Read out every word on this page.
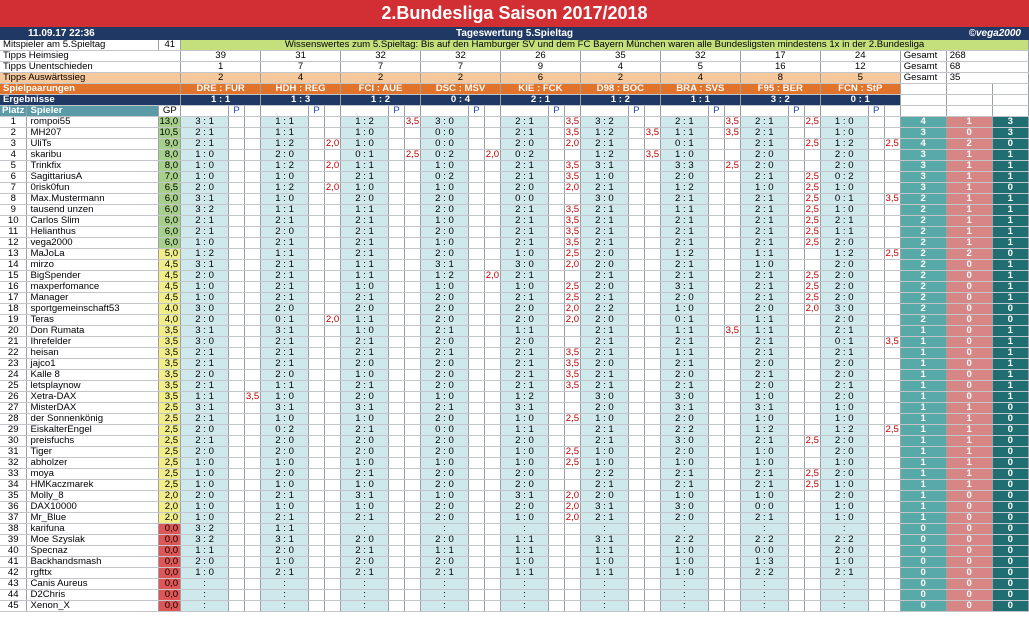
2.Bundesliga Saison 2017/2018
11.09.17 22:36	Tageswertung 5.Spieltag	©vega2000
Mitspieler am 5.Spieltag		41	Wissenswertes zum 5.Spieltag: Bis auf den Hamburger SV und dem FC Bayern München waren alle Bundesligsten mindestens 1x in der 2.Bundesliga																													
Tipps Heimsieg			39			31			32			32			26			35			32			17			24			Gesamt	268	
Tipps Unentschieden			1			7			7			7			9			4			5			16			12			Gesamt	68	
Tipps Auswärtssieg			2			4			2			2			6			2			4			8			5			Gesamt	35	
Spielpaarungen			DRE : FÜR			HDH : REG			FCI : AUE			DSC : MSV			KIE : FCK			D98 : BOC			BRA : SVS			F95 : BER			FCN : StP			Tendenz	Tordifferenz	Ergebnis
Ergebnisse			1 : 1			1 : 3			1 : 2			0 : 4			2 : 1			1 : 2			1 : 1			3 : 2			0 : 1			TE	TO	TR
Platz	Spieler	GP		P			P			P			P			P			P			P			P			P		2.0	+0.5	+1.5
1	rompoi55	13,0	3 : 1			1 : 1			1 : 2		3,5	3 : 0			2 : 1		3,5	3 : 2			2 : 1		3,5	2 : 1		2,5	1 : 0			4	1	3
2	MH207	10,5	2 : 1			1 : 1			1 : 0			0 : 0			2 : 1		3,5	1 : 2		3,5	1 : 1		3,5	2 : 1			1 : 0			3	0	3
3	UliTs	9,0	2 : 1			1 : 2		2,0	1 : 0			0 : 0			2 : 0		2,0	2 : 1			0 : 1			2 : 1		2,5	1 : 2		2,5	4	2	0
4	skaribu	8,0	1 : 0			2 : 0			0 : 1		2,5	0 : 2		2,0	0 : 2			1 : 2		3,5	1 : 0			2 : 0			2 : 0			3	1	1
5	Trinkfix	8,0	1 : 0			1 : 2		2,0	1 : 1			1 : 0			2 : 1		3,5	3 : 1			3 : 3		2,5	2 : 0			2 : 0			3	1	1
6	SagittariusA	7,0	1 : 0			1 : 0			2 : 1			0 : 2			2 : 1		3,5	1 : 0			2 : 0			2 : 1		2,5	0 : 2			3	1	1
7	0risk0fun	6,5	2 : 0			1 : 2		2,0	1 : 0			1 : 0			2 : 0		2,0	2 : 1			1 : 2			1 : 0		2,5	1 : 0			3	1	0
8	Max.Mustermann	6,0	3 : 1			1 : 0			2 : 0			2 : 0			0 : 0			3 : 0			2 : 1			2 : 1		2,5	0 : 1		3,5	2	1	1
9	tausend unzen	6,0	3 : 2			1 : 1			1 : 1			2 : 0			2 : 1		3,5	2 : 1			1 : 1			2 : 1		2,5	1 : 0			2	1	1
10	Carlos Slim	6,0	2 : 1			2 : 1			2 : 1			1 : 0			2 : 1		3,5	2 : 1			2 : 1			2 : 1		2,5	2 : 1			2	1	1
11	Helianthus	6,0	2 : 1			2 : 0			2 : 1			2 : 0			2 : 1		3,5	2 : 1			2 : 1			2 : 1		2,5	1 : 1			2	1	1
12	vega2000	6,0	1 : 0			2 : 1			2 : 1			1 : 0			2 : 1		3,5	2 : 1			2 : 1			2 : 1		2,5	2 : 0			2	1	1
13	MaJoLa	5,0	1 : 2			1 : 1			2 : 1			2 : 0			1 : 0		2,5	2 : 0			1 : 2			1 : 1			1 : 2		2,5	2	2	0
14	mirzo	4,5	3 : 1			2 : 1			1 : 1			3 : 1			3 : 0		2,0	2 : 0			2 : 1			1 : 0			2 : 0			2	0	1
15	BigSpender	4,5	2 : 0			2 : 1			1 : 1			1 : 2		2,0	2 : 1			2 : 1			2 : 1			2 : 1		2,5	2 : 0			2	0	1
16	maxperfomance	4,5	1 : 0			2 : 1			1 : 0			1 : 0			1 : 0		2,5	2 : 0			3 : 1			2 : 1		2,5	2 : 0			2	0	1
17	Manager	4,5	1 : 0			2 : 1			2 : 1			2 : 0			2 : 1		2,5	2 : 1			2 : 0			2 : 1		2,5	2 : 0			2	0	1
18	sportgemeinschaft53	4,0	3 : 0			2 : 0			2 : 0			2 : 0			2 : 0		2,0	2 : 2			1 : 0			2 : 0		2,0	3 : 0			2	0	0
19	Teras	4,0	2 : 0			0 : 1		2,0	1 : 1			2 : 0			2 : 0		2,0	2 : 0			0 : 1			1 : 1			2 : 0			2	0	0
20	Don Rumata	3,5	3 : 1			3 : 1			1 : 0			2 : 1			1 : 1			2 : 1			1 : 1		3,5	1 : 1			2 : 1			1	0	1
21	Ihrefelder	3,5	3 : 0			2 : 1			2 : 1			2 : 0			2 : 0			2 : 1			2 : 1			2 : 1			0 : 1		3,5	1	0	1
22	heisan	3,5	2 : 1			2 : 1			2 : 1			2 : 1			2 : 1		3,5	2 : 1			1 : 1			2 : 1			2 : 1			1	0	1
23	jajco1	3,5	2 : 1			2 : 1			2 : 0			2 : 0			2 : 1		3,5	2 : 0			2 : 1			2 : 0			2 : 0			1	0	1
24	Kalle 8	3,5	2 : 0			2 : 0			1 : 0			2 : 0			2 : 1		3,5	2 : 1			2 : 0			2 : 1			2 : 0			1	0	1
25	letsplaynow	3,5	2 : 1			1 : 1			2 : 1			2 : 0			2 : 1		3,5	2 : 1			2 : 1			2 : 0			2 : 1			1	0	1
26	Xetra-DAX	3,5	1 : 1		3,5	1 : 0			2 : 0			1 : 0			1 : 2			3 : 0			3 : 0			1 : 0			2 : 0			1	0	1
27	MisterDAX	2,5	3 : 1			3 : 1			3 : 1			2 : 1			3 : 1			2 : 0			3 : 1			3 : 1			1 : 0			1	1	0
28	der Sonnenkönig	2,5	2 : 1			1 : 0			1 : 0			2 : 0			1 : 0		2,5	1 : 0			2 : 0			1 : 0			1 : 0			1	1	0
29	EiskalterEngel	2,5	2 : 0			0 : 2			2 : 1			0 : 0			1 : 1			2 : 1			2 : 2			1 : 2			1 : 2		2,5	1	1	0
30	preisfuchs	2,5	2 : 1			2 : 0			2 : 0			2 : 0			2 : 0			2 : 1			3 : 0			2 : 1		2,5	2 : 0			1	1	0
31	Tiger	2,5	2 : 0			2 : 0			2 : 0			2 : 0			1 : 0		2,5	1 : 0			2 : 0			1 : 0			2 : 0			1	1	0
32	abholzer	2,5	1 : 0			1 : 0			1 : 0			1 : 0			1 : 0		2,5	1 : 0			1 : 0			1 : 0			1 : 0			1	1	0
33	moya	2,5	1 : 0			2 : 0			2 : 1			2 : 0			2 : 0			2 : 2			2 : 1			2 : 1		2,5	2 : 0			1	1	0
34	HMKaczmarek	2,5	1 : 0			1 : 0			1 : 0			2 : 0			2 : 0			2 : 1			2 : 1			2 : 1		2,5	1 : 0			1	1	0
35	Molly_8	2,0	2 : 0			2 : 1			3 : 1			1 : 0			3 : 1		2,0	2 : 0			1 : 0			1 : 0			2 : 0			1	0	0
36	DAX10000	2,0	1 : 0			1 : 0			1 : 0			2 : 0			2 : 0		2,0	3 : 1			3 : 0			0 : 0			1 : 0			1	0	0
37	Mr_Blue	2,0	1 : 0			2 : 1			2 : 1			2 : 0			1 : 0		2,0	2 : 1			2 : 0			2 : 1			1 : 0			1	0	0
38	karifuna	0,0	3 : 2			1 : 1			:			:			:			:			:			:			:			0	0	0
39	Moe Szyslak	0,0	3 : 2			3 : 1			2 : 0			2 : 0			1 : 1			3 : 1			2 : 2			2 : 2			2 : 2			0	0	0
40	Specnaz	0,0	1 : 1			2 : 0			2 : 1			1 : 1			1 : 1			1 : 1			1 : 0			0 : 0			2 : 0			0	0	0
41	Backhandsmash	0,0	2 : 0			1 : 0			2 : 0			2 : 0			1 : 0			1 : 0			1 : 0			1 : 3			1 : 0			0	0	0
42	rgfttx	0,0	1 : 0			2 : 1			2 : 1			2 : 1			1 : 1			1 : 1			1 : 0			2 : 2			2 : 1			0	0	0
43	Canis Aureus	0,0	:			:			:			:			:			:			:			:			:			0	0	0
44	D2Chris	0,0	:			:			:			:			:			:			:			:			:			0	0	0
45	Xenon_X	0,0	:			:			:			:			:			:			:			:			:			0	0	0
